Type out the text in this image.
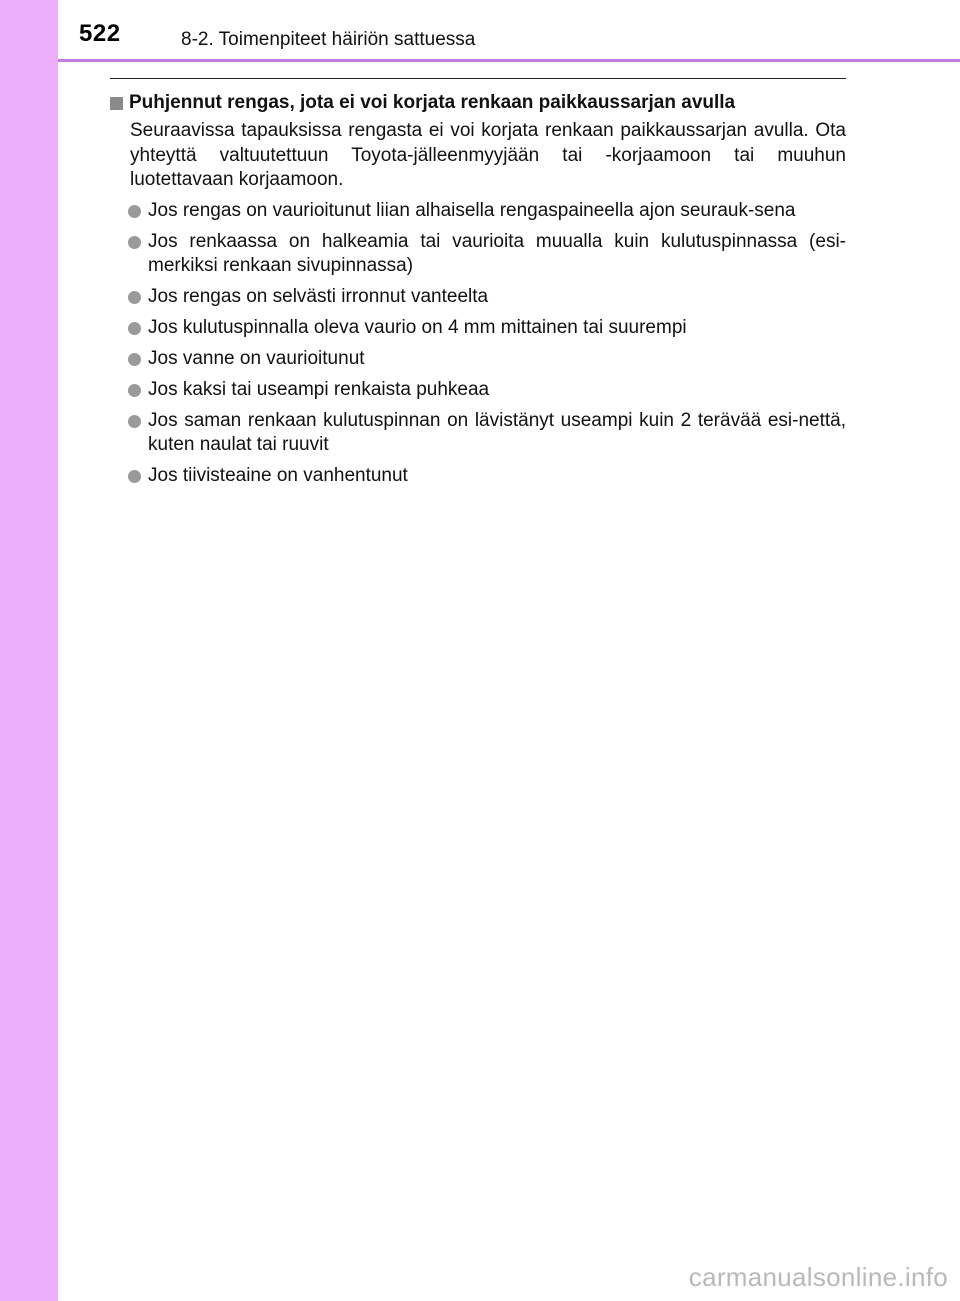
522	8-2. Toimenpiteet häiriön sattuessa
Puhjennut rengas, jota ei voi korjata renkaan paikkaussarjan avulla
Seuraavissa tapauksissa rengasta ei voi korjata renkaan paikkaussarjan avulla. Ota yhteyttä valtuutettuun Toyota-jälleenmyyjään tai -korjaamoon tai muuhun luotettavaan korjaamoon.
Jos rengas on vaurioitunut liian alhaisella rengaspaineella ajon seurauk-sena
Jos renkaassa on halkeamia tai vaurioita muualla kuin kulutuspinnassa (esi-merkiksi renkaan sivupinnassa)
Jos rengas on selvästi irronnut vanteelta
Jos kulutuspinnalla oleva vaurio on 4 mm mittainen tai suurempi
Jos vanne on vaurioitunut
Jos kaksi tai useampi renkaista puhkeaa
Jos saman renkaan kulutuspinnan on lävistänyt useampi kuin 2 terävää esi-nettä, kuten naulat tai ruuvit
Jos tiivisteaine on vanhentunut
carmanualsonline.info
